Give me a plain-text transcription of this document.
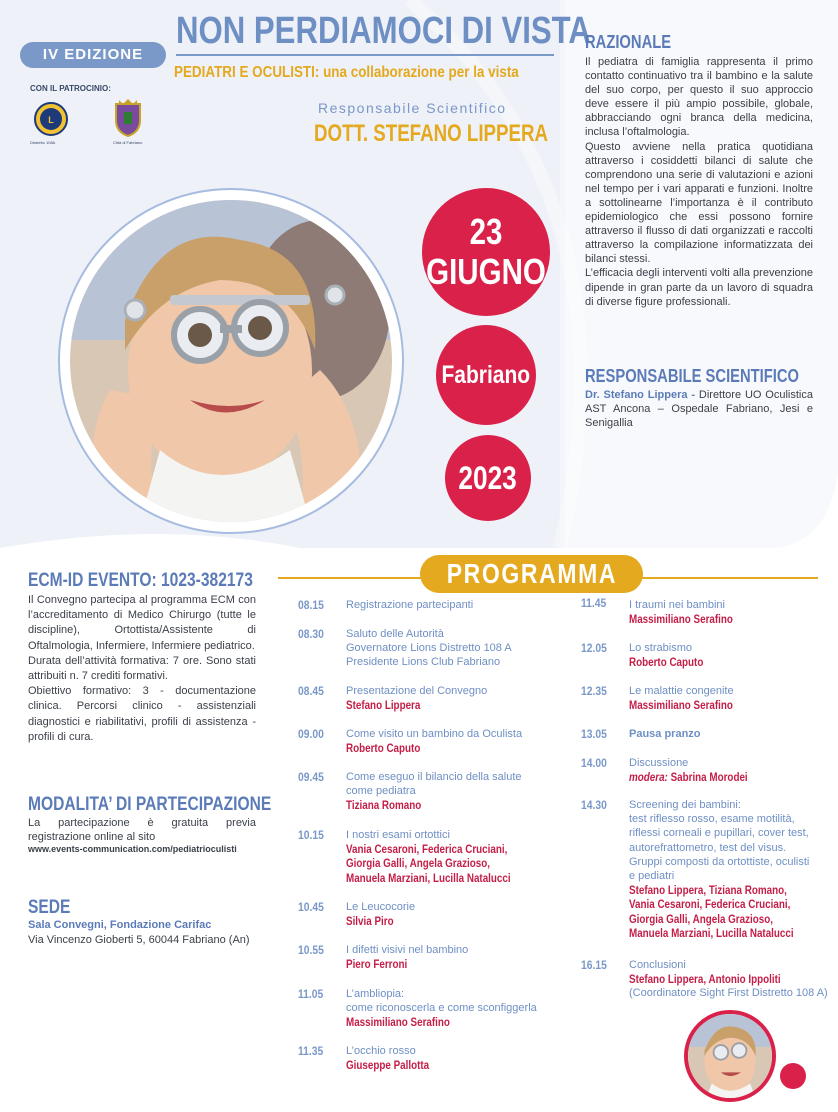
IV EDIZIONE
CON IL PATROCINIO:
L
Distretto 108A	Città di Fabriano
NON PERDIAMOCI DI VISTA
PEDIATRI E OCULISTI: una collaborazione per la vista
Responsabile Scientifico
DOTT. STEFANO LIPPERA
23
GIUGNO
Fabriano
2023
RAZIONALE

Il pediatra di famiglia rappresenta il primo contatto continuativo tra il bambino e la salute del suo corpo, per questo il suo approccio deve essere il più ampio possibile, globale, abbracciando ogni branca della medicina, inclusa l’oftalmologia.

Questo avviene nella pratica quotidiana attraverso i cosiddetti bilanci di salute che comprendono una serie di valutazioni e azioni nel tempo per i vari apparati e funzioni. Inoltre a sottolinearne l’importanza è il contributo epidemiologico che essi possono fornire attraverso il flusso di dati organizzati e raccolti attraverso la compilazione informatizzata dei bilanci stessi.

L’efficacia degli interventi volti alla prevenzione dipende in gran parte da un lavoro di squadra di diverse figure professionali.

RESPONSABILE SCIENTIFICO
Dr. Stefano Lippera - Direttore UO Oculistica AST Ancona – Ospedale Fabriano, Jesi e Senigallia
PROGRAMMA
ECM-ID EVENTO: 1023-382173
Il Convegno partecipa al programma ECM con l’accreditamento di Medico Chirurgo (tutte le discipline), Ortottista/Assistente di Oftalmologia, Infermiere, Infermiere pediatrico.
Durata dell’attività formativa: 7 ore. Sono stati attribuiti n. 7 crediti formativi.
Obiettivo formativo: 3 - documentazione clinica. Percorsi clinico - assistenziali diagnostici e riabilitativi, profili di assistenza - profili di cura.
MODALITA’ DI PARTECIPAZIONE
La partecipazione è gratuita previa registrazione online al sito
www.events-communication.com/pediatrioculisti
SEDE
Sala Convegni, Fondazione Carifac
Via Vincenzo Gioberti 5, 60044 Fabriano (An)
08.15 Registrazione partecipanti
08.30 Saluto delle Autorità
Governatore Lions Distretto 108 A
Presidente Lions Club Fabriano
08.45 Presentazione del Convegno
Stefano Lippera
09.00 Come visito un bambino da Oculista
Roberto Caputo
09.45 Come eseguo il bilancio della salute
come pediatra
Tiziana Romano
10.15 I nostri esami ortottici
Vania Cesaroni, Federica Cruciani,
Giorgia Galli, Angela Grazioso,
Manuela Marziani, Lucilla Natalucci
10.45 Le Leucocorie
Silvia Piro
10.55 I difetti visivi nel bambino
Piero Ferroni
11.05 L’ambliopia:
come riconoscerla e come sconfiggerla
Massimiliano Serafino
11.35 L’occhio rosso
Giuseppe Pallotta
11.45 I traumi nei bambini
Massimiliano Serafino
12.05 Lo strabismo
Roberto Caputo
12.35 Le malattie congenite
Massimiliano Serafino
13.05 Pausa pranzo
14.00 Discussione
modera: Sabrina Morodei
14.30 Screening dei bambini:
test riflesso rosso, esame motilità,
riflessi corneali e pupillari, cover test,
autorefrattometro, test del visus.
Gruppi composti da ortottiste, oculisti
e pediatri
Stefano Lippera, Tiziana Romano,
Vania Cesaroni, Federica Cruciani,
Giorgia Galli, Angela Grazioso,
Manuela Marziani, Lucilla Natalucci
16.15 Conclusioni
Stefano Lippera, Antonio Ippoliti
(Coordinatore Sight First Distretto 108 A)
